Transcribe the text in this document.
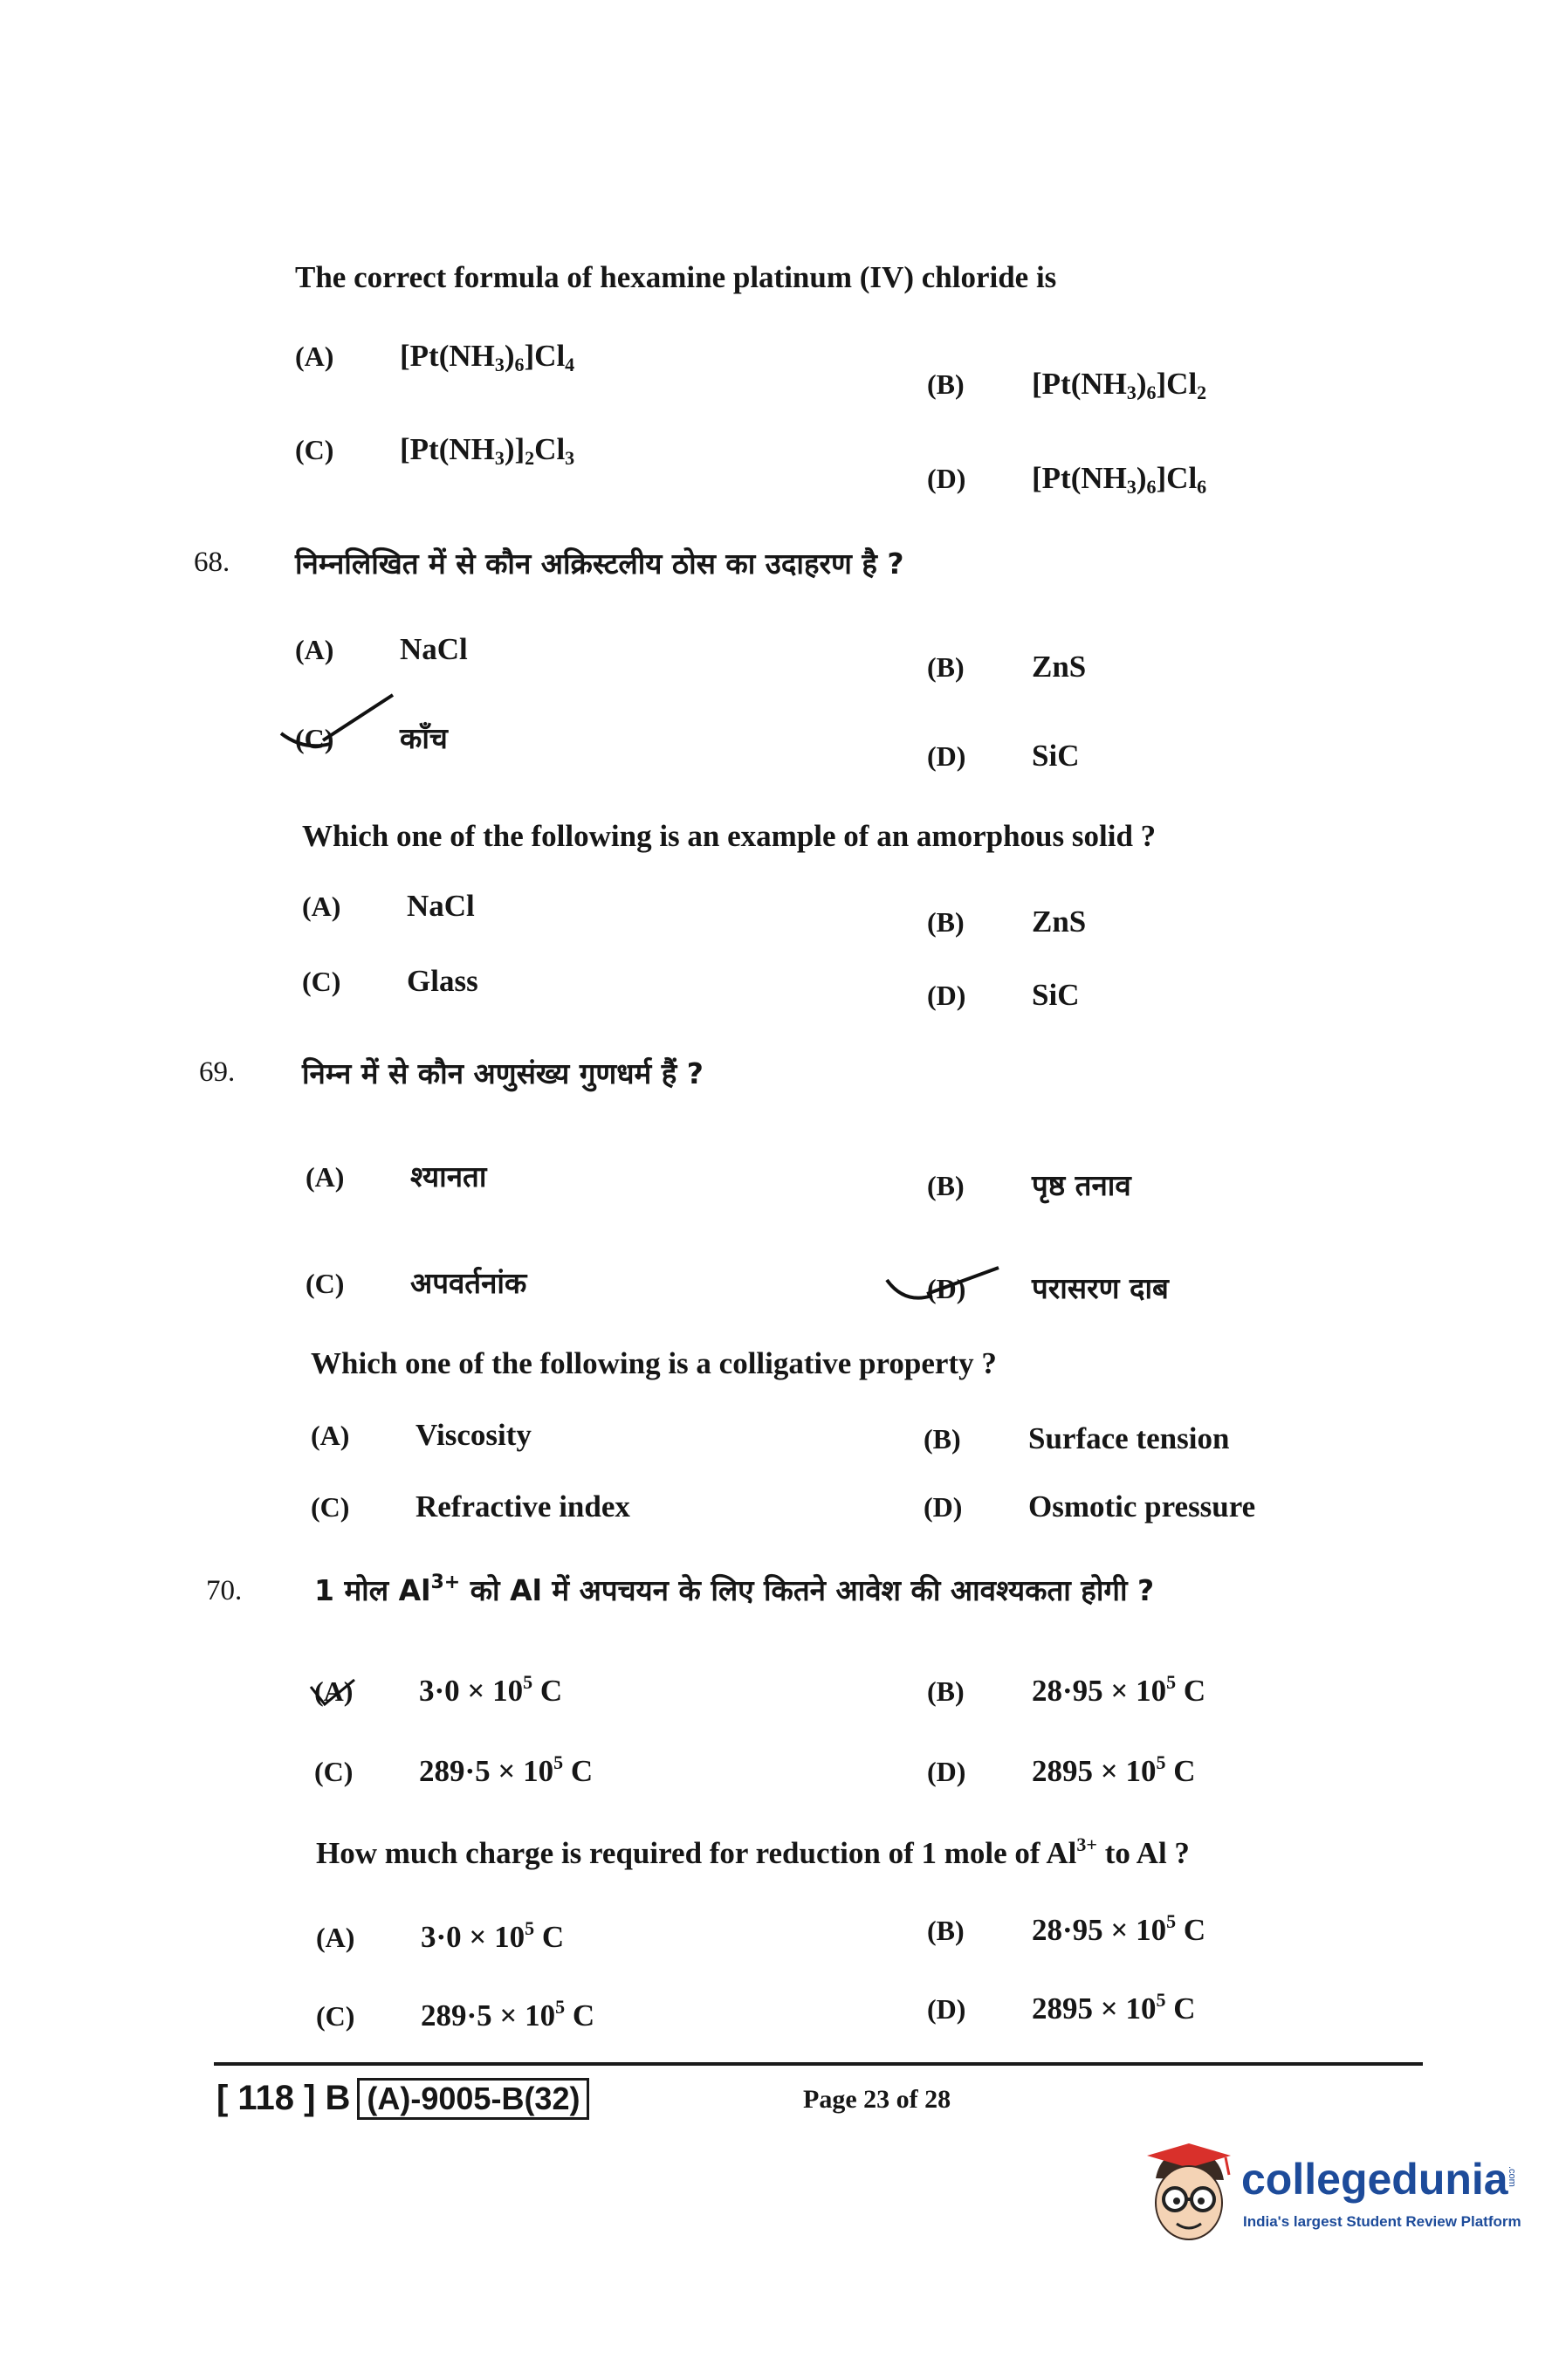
The correct formula of hexamine platinum (IV) chloride is
(A) $[Pt(NH_3)_6]Cl_4$
(B) $[Pt(NH_3)_6]Cl_2$
(C) $[Pt(NH_3)]_2Cl_3$
(D) $[Pt(NH_3)_6]Cl_6$
68. निम्नलिखित में से कौन अक्रिस्टलीय ठोस का उदाहरण है ?
(A) NaCl
(B) ZnS
(C) काँच
(D) SiC
Which one of the following is an example of an amorphous solid ?
(A) NaCl	(B) ZnS
(C) Glass	(D) SiC
69. निम्न में से कौन अणुसंख्य गुणधर्म हैं ?
(A) श्यानता	(B) पृष्ठ तनाव
(C) अपवर्तनांक	(D) परासरण दाब
Which one of the following is a colligative property ?
(A) Viscosity	(B) Surface tension
(C) Refractive index	(D) Osmotic pressure
70.	1 मोल $Al^{3+}$ को Al में अपचयन के लिए कितने आवेश की आवश्यकता होगी ?
(A) $3\cdot 0 \times 10^5$ C	(B) $28\cdot 95 \times 10^5$ C
(C) $289\cdot 5 \times 10^5$ C	(D) $2895 \times 10^5$ C
How much charge is required for reduction of 1 mole of $Al^{3+}$ to Al ?
(A) $3\cdot 0 \times 10^5$ C	(B) $28\cdot 95 \times 10^5$ C
(C) $289\cdot 5 \times 10^5$ C	(D) $2895 \times 10^5$ C
[ 118 ] B (A)-9005-B(32)	Page 23 of 28
collegedunia
.com
India's largest Student Review Platform
